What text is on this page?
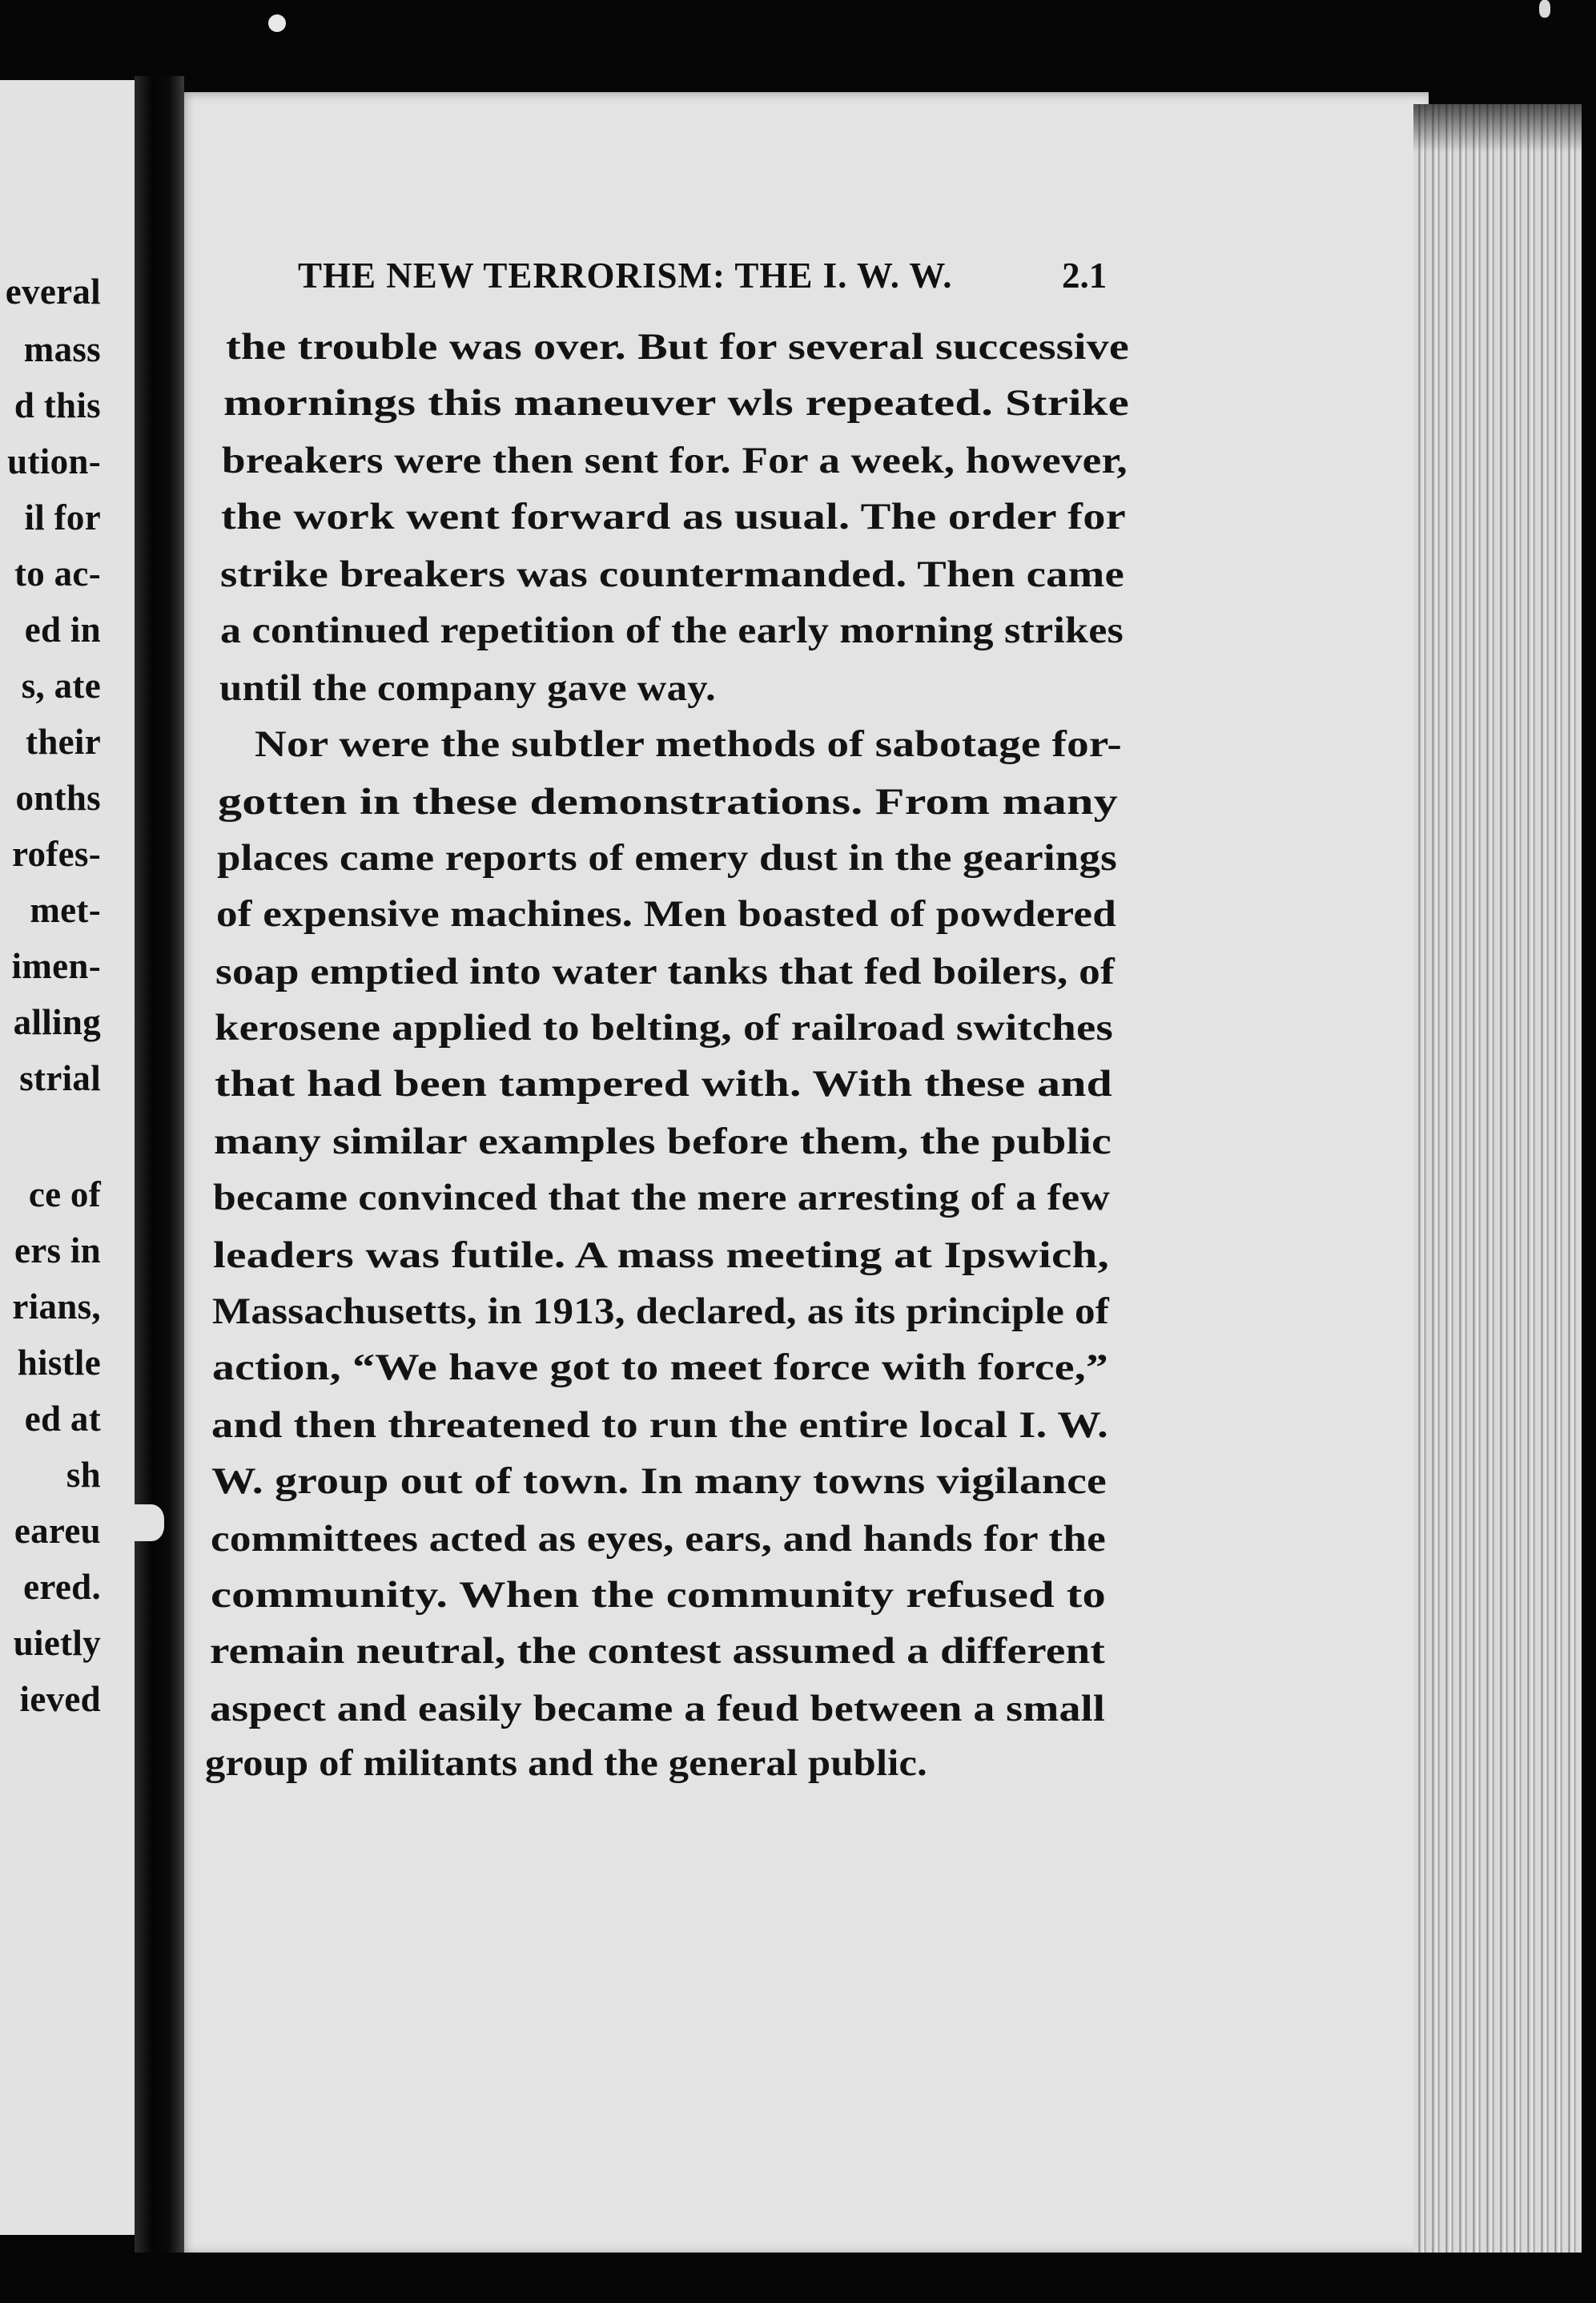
everal
mass
d this
ution-
il for
to ac-
ed in
s, ate
their
onths
rofes-
met-
imen-
alling
strial
ce of
ers in
rians,
histle
ed at
sh
eareu
ered.
uietly
ieved
THE NEW TERRORISM: THE I. W. W.	2.1
the trouble was over. But for several successive
mornings this maneuver wls repeated. Strike
breakers were then sent for. For a week, however,
the work went forward as usual. The order for
strike breakers was countermanded. Then came
a continued repetition of the early morning strikes
until the company gave way.
Nor were the subtler methods of sabotage for-
gotten in these demonstrations. From many
places came reports of emery dust in the gearings
of expensive machines. Men boasted of powdered
soap emptied into water tanks that fed boilers, of
kerosene applied to belting, of railroad switches
that had been tampered with. With these and
many similar examples before them, the public
became convinced that the mere arresting of a few
leaders was futile. A mass meeting at Ipswich,
Massachusetts, in 1913, declared, as its principle of
action, “We have got to meet force with force,”
and then threatened to run the entire local I. W.
W. group out of town. In many towns vigilance
committees acted as eyes, ears, and hands for the
community. When the community refused to
remain neutral, the contest assumed a different
aspect and easily became a feud between a small
group of militants and the general public.
